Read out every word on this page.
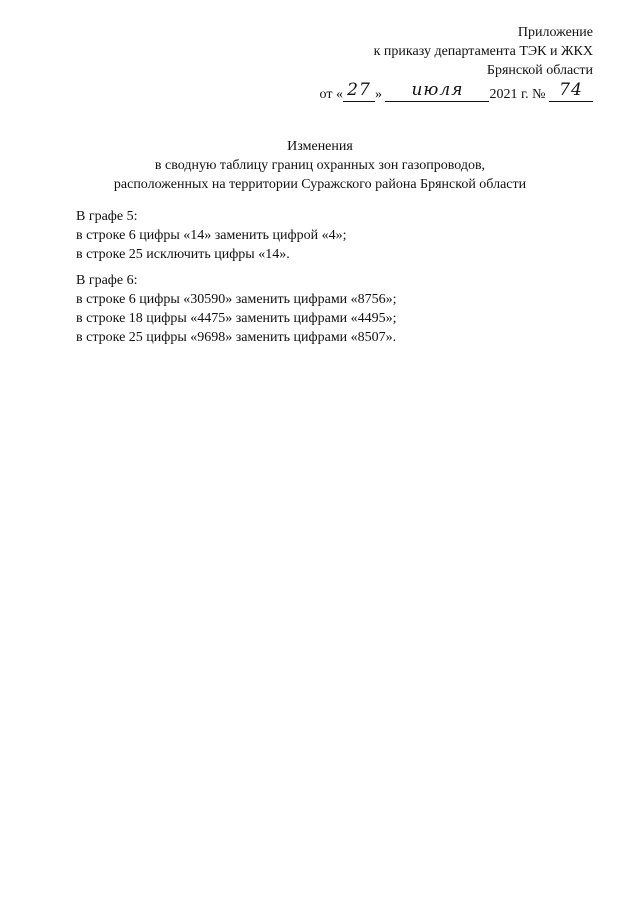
Приложение
к приказу департамента ТЭК и ЖКХ
Брянской области
от « 27 » июля 2021 г. № 74
Изменения
в сводную таблицу границ охранных зон газопроводов,
расположенных на территории Суражского района Брянской области
В графе 5:
в строке 6 цифры «14» заменить цифрой «4»;
в строке 25 исключить цифры «14».
В графе 6:
в строке 6 цифры «30590» заменить цифрами «8756»;
в строке 18 цифры «4475» заменить цифрами «4495»;
в строке 25 цифры «9698» заменить цифрами «8507».
